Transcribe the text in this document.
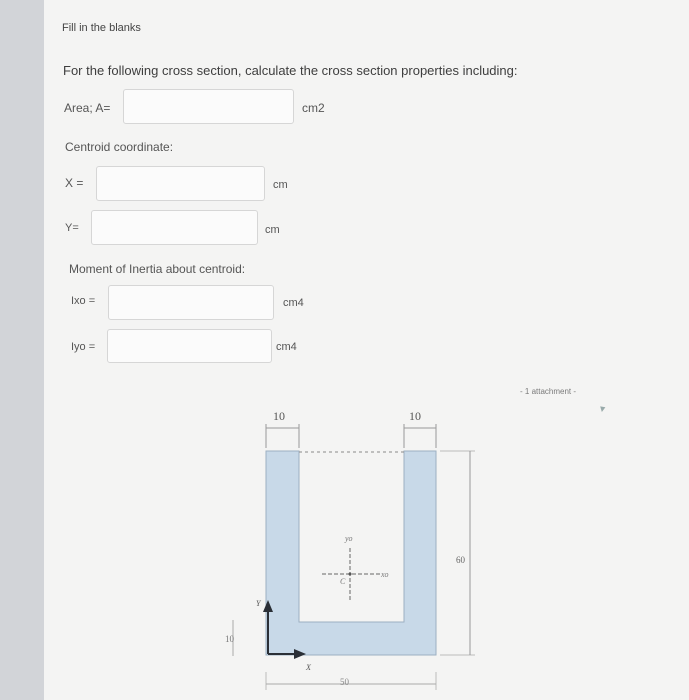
Fill in the blanks
For the following cross section, calculate the cross section properties including:
Area; A=	cm2
Centroid coordinate:
X =	cm
Y=	cm
Moment of Inertia about centroid:
Ixo =	cm4
Iyo =	cm4
- 1 attachment -
▼
10	10
60
10
50
Y
X
yo
xo
C
